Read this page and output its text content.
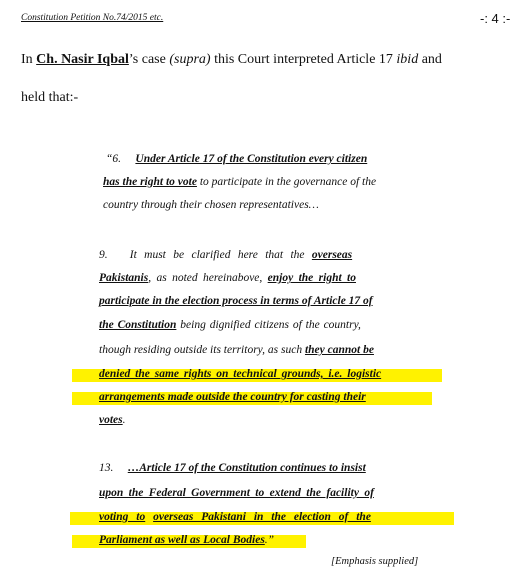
Constitution Petition No.74/2015 etc.	-: 4 :-
In Ch. Nasir Iqbal’s case (supra) this Court interpreted Article 17 ibid and
held that:-
“6. Under Article 17 of the Constitution every citizen
has the right to vote to participate in the governance of the
country through their chosen representatives…
9. It must be clarified here that the overseas
Pakistanis, as noted hereinabove, enjoy the right to
participate in the election process in terms of Article 17 of
the Constitution being dignified citizens of the country,
though residing outside its territory, as such they cannot be
denied the same rights on technical grounds, i.e. logistic
arrangements made outside the country for casting their
votes.
13. …Article 17 of the Constitution continues to insist
upon the Federal Government to extend the facility of
voting to overseas Pakistani in the election of the
Parliament as well as Local Bodies.”
[Emphasis supplied]
